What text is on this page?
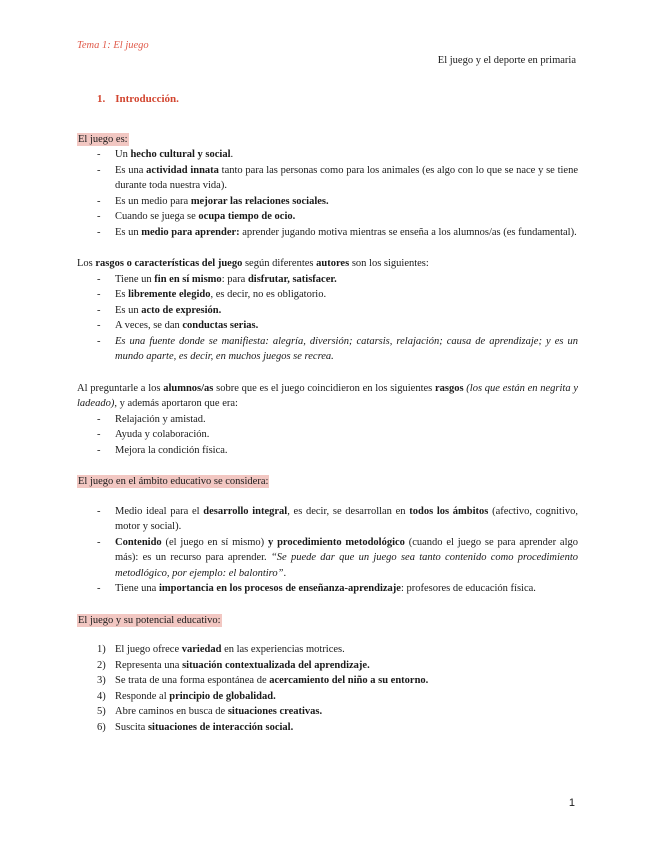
Tema 1: El juego
El juego y el deporte en primaria
1. Introducción.
El juego es:
- Un hecho cultural y social.
- Es una actividad innata tanto para las personas como para los animales (es algo con lo que se nace y se tiene durante toda nuestra vida).
- Es un medio para mejorar las relaciones sociales.
- Cuando se juega se ocupa tiempo de ocio.
- Es un medio para aprender: aprender jugando motiva mientras se enseña a los alumnos/as (es fundamental).
Los rasgos o características del juego según diferentes autores son los siguientes:
- Tiene un fin en sí mismo: para disfrutar, satisfacer.
- Es libremente elegido, es decir, no es obligatorio.
- Es un acto de expresión.
- A veces, se dan conductas serias.
- Es una fuente donde se manifiesta: alegría, diversión; catarsis, relajación; causa de aprendizaje; y es un mundo aparte, es decir, en muchos juegos se recrea.
Al preguntarle a los alumnos/as sobre que es el juego coincidieron en los siguientes rasgos (los que están en negrita y ladeado), y además aportaron que era:
- Relajación y amistad.
- Ayuda y colaboración.
- Mejora la condición física.
El juego en el ámbito educativo se considera:
- Medio ideal para el desarrollo integral, es decir, se desarrollan en todos los ámbitos (afectivo, cognitivo, motor y social).
- Contenido (el juego en sí mismo) y procedimiento metodológico (cuando el juego se para aprender algo más): es un recurso para aprender. “Se puede dar que un juego sea tanto contenido como procedimiento metodlógico, por ejemplo: el balontiro”.
- Tiene una importancia en los procesos de enseñanza-aprendizaje: profesores de educación física.
El juego y su potencial educativo:
1) El juego ofrece variedad en las experiencias motrices.
2) Representa una situación contextualizada del aprendizaje.
3) Se trata de una forma espontánea de acercamiento del niño a su entorno.
4) Responde al principio de globalidad.
5) Abre caminos en busca de situaciones creativas.
6) Suscita situaciones de interacción social.
1
